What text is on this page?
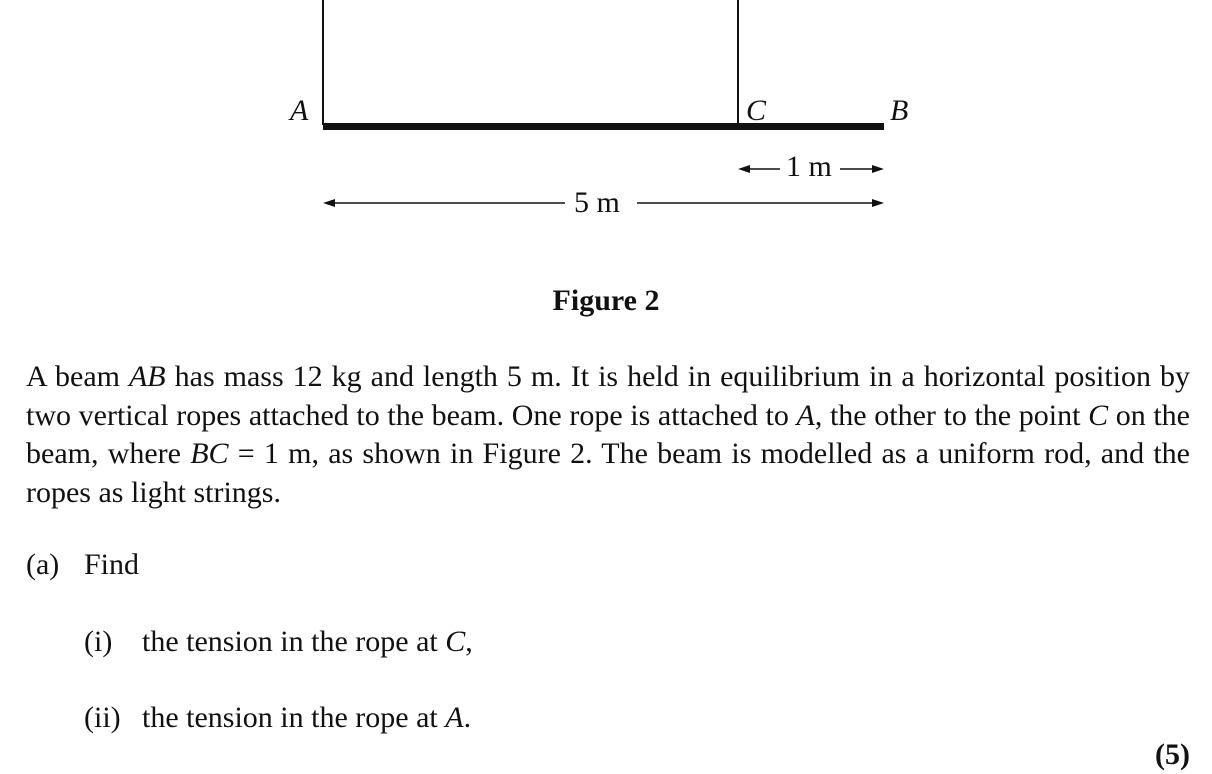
A	C	B
1 m
5 m
Figure 2
A beam AB has mass 12 kg and length 5 m. It is held in equilibrium in a horizontal position by two vertical ropes attached to the beam. One rope is attached to A, the other to the point C on the beam, where BC = 1 m, as shown in Figure 2. The beam is modelled as a uniform rod, and the ropes as light strings.
(a) Find
(i) the tension in the rope at C,
(ii) the tension in the rope at A.
(5)
